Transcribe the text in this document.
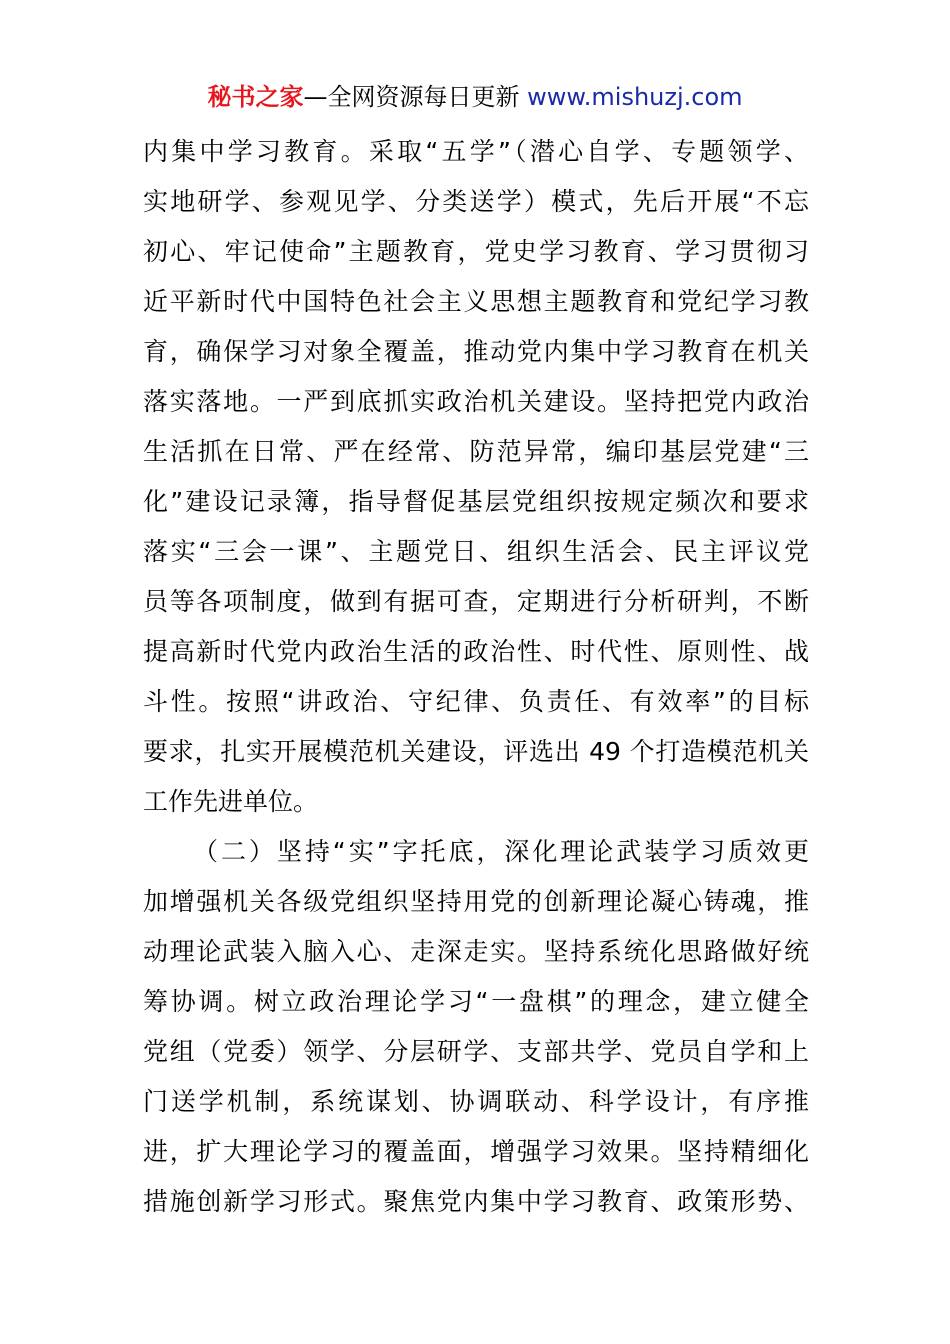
秘书之家—全网资源每日更新 www.mishuzj.com
内集中学习教育。采取“五学”（潜心自学、专题领学、
实地研学、参观见学、分类送学）模式，先后开展“不忘
初心、牢记使命”主题教育，党史学习教育、学习贯彻习
近平新时代中国特色社会主义思想主题教育和党纪学习教
育，确保学习对象全覆盖，推动党内集中学习教育在机关
落实落地。一严到底抓实政治机关建设。坚持把党内政治
生活抓在日常、严在经常、防范异常，编印基层党建“三
化”建设记录簿，指导督促基层党组织按规定频次和要求
落实“三会一课”、主题党日、组织生活会、民主评议党
员等各项制度，做到有据可查，定期进行分析研判，不断
提高新时代党内政治生活的政治性、时代性、原则性、战
斗性。按照“讲政治、守纪律、负责任、有效率”的目标
要求，扎实开展模范机关建设，评选出 49 个打造模范机关
工作先进单位。
（二）坚持“实”字托底，深化理论武装学习质效更
加增强机关各级党组织坚持用党的创新理论凝心铸魂，推
动理论武装入脑入心、走深走实。坚持系统化思路做好统
筹协调。树立政治理论学习“一盘棋”的理念，建立健全
党组（党委）领学、分层研学、支部共学、党员自学和上
门送学机制，系统谋划、协调联动、科学设计，有序推
进，扩大理论学习的覆盖面，增强学习效果。坚持精细化
措施创新学习形式。聚焦党内集中学习教育、政策形势、
